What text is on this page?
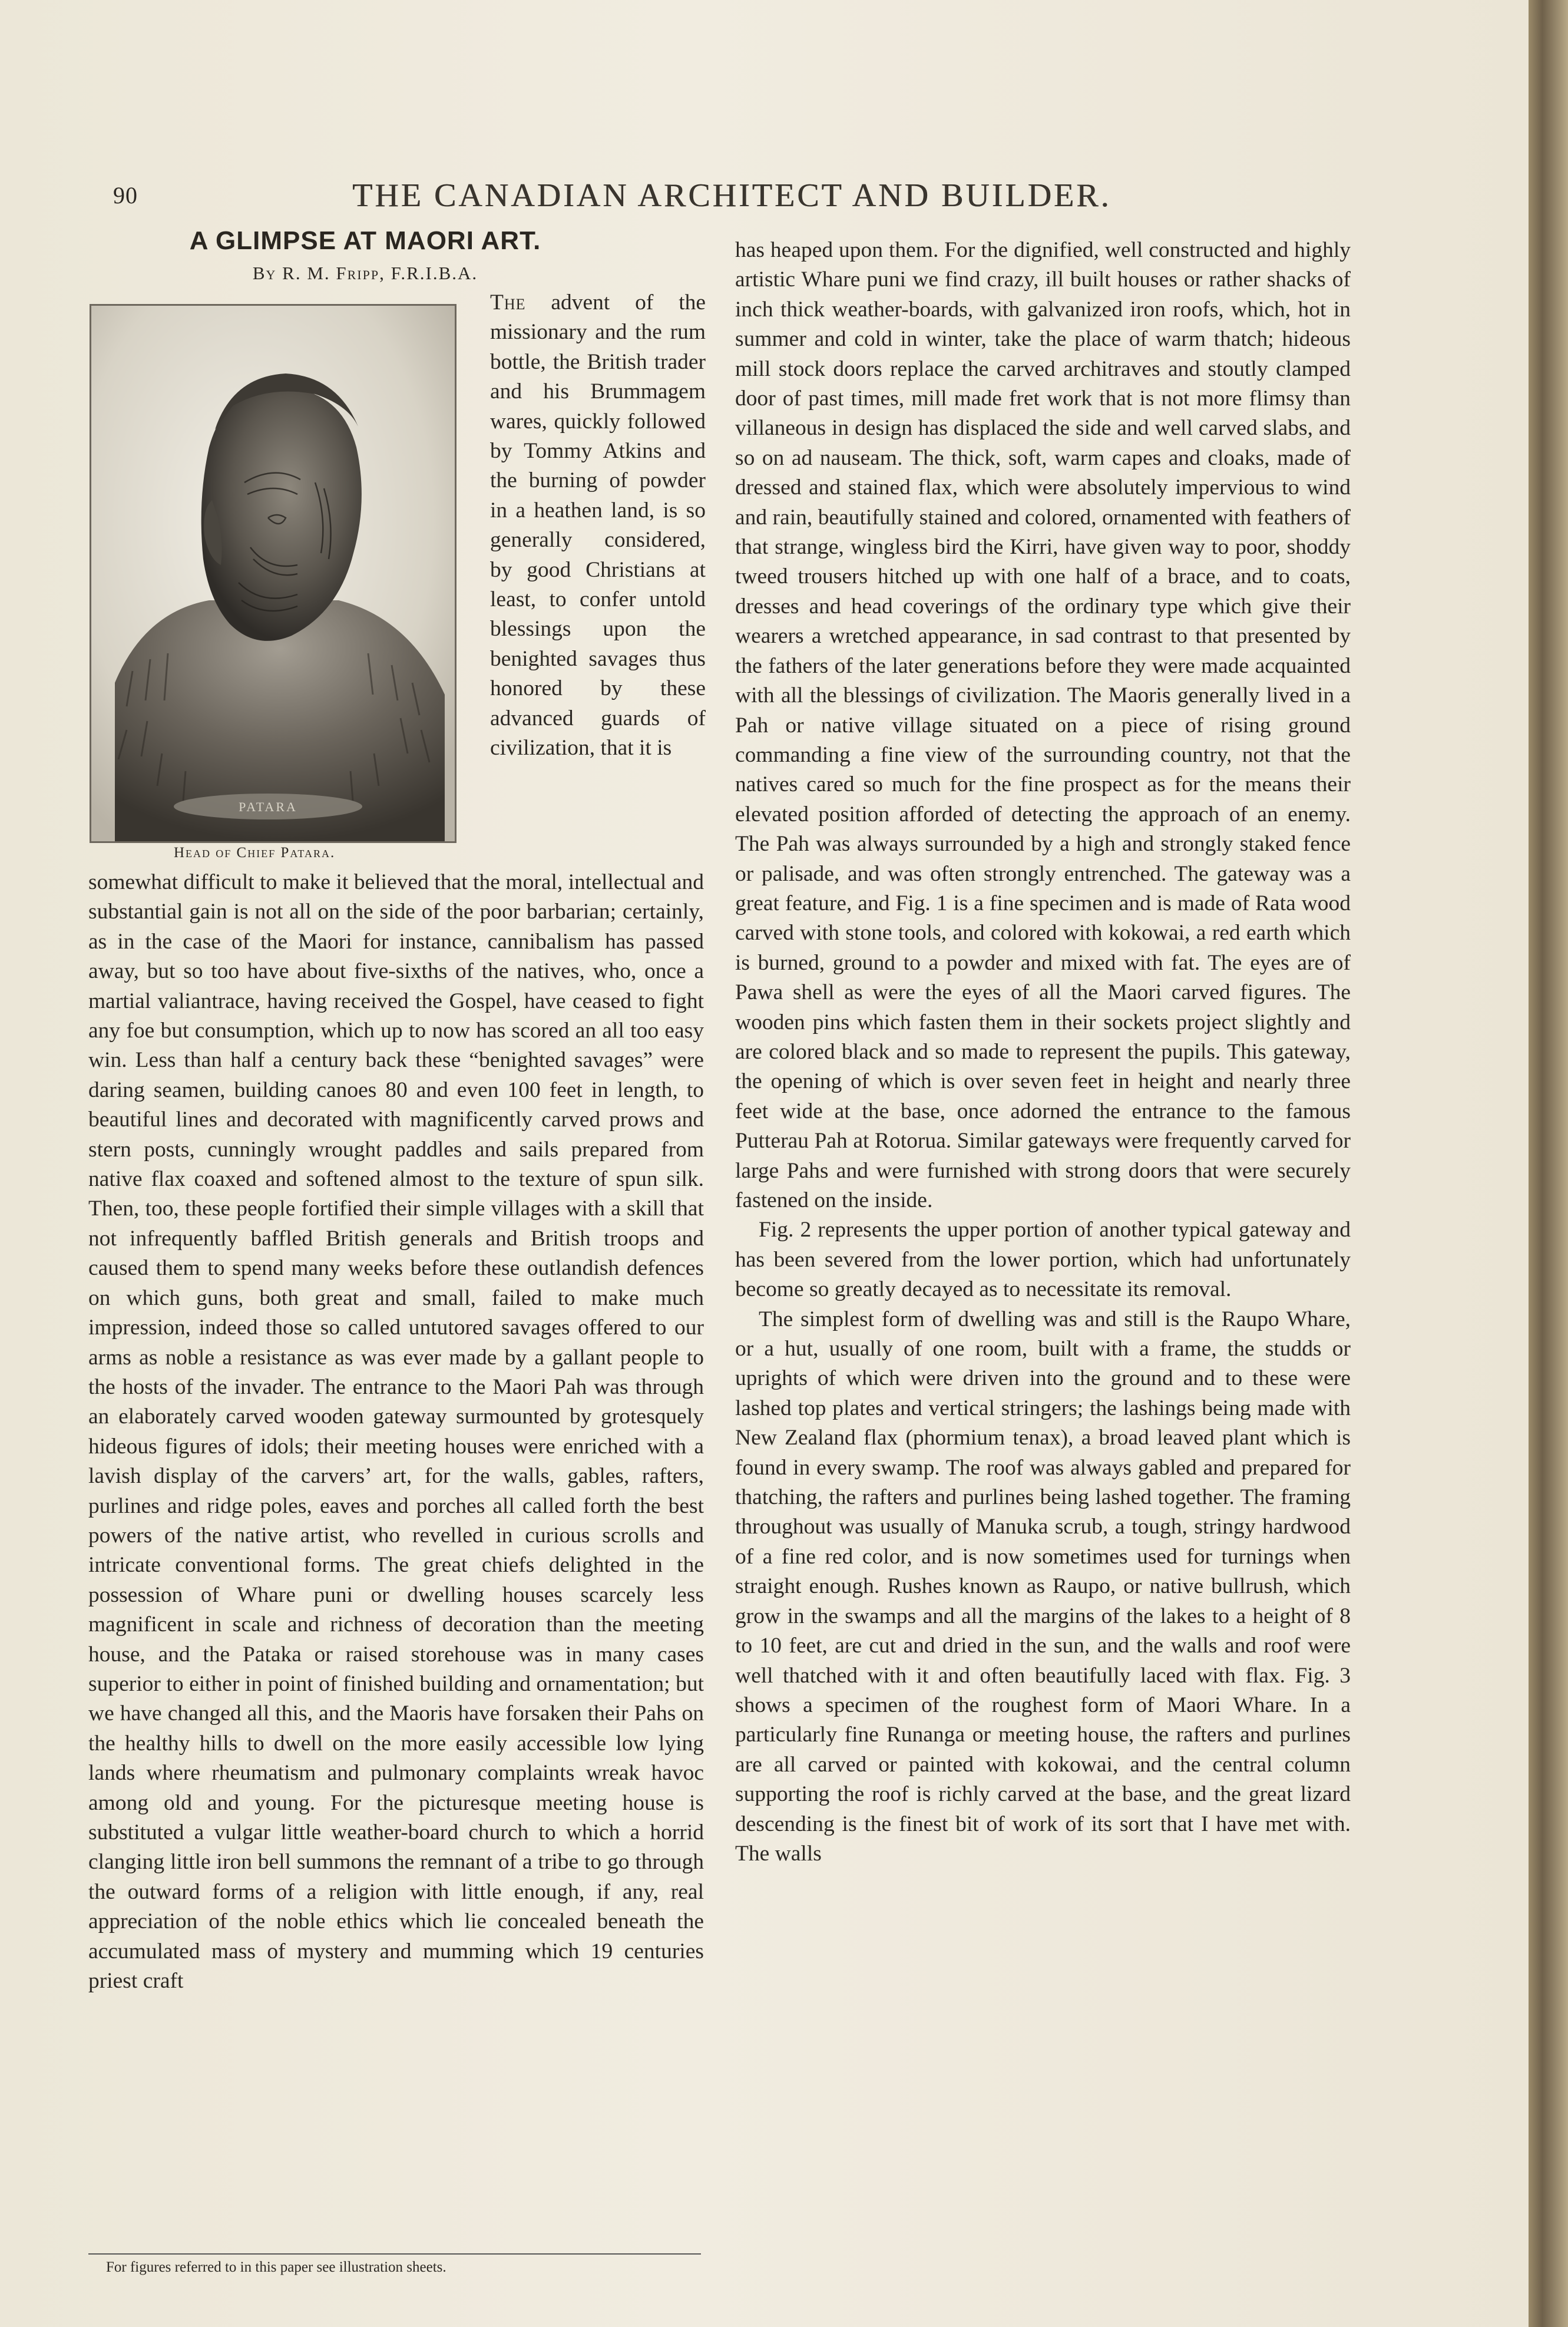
90	THE CANADIAN ARCHITECT AND BUILDER.
A GLIMPSE AT MAORI ART.
By R. M. Fripp, F.R.I.B.A.
PATARA
Head of Chief Patara.
The advent of the missionary and the rum bottle, the British trader and his Brummagem wares, quickly followed by Tommy Atkins and the burning of powder in a heathen land, is so generally considered, by good Christians at least, to confer untold blessings upon the benighted savages thus honored by these advanced guards of civilization, that it is

somewhat difficult to make it believed that the moral, intellectual and substantial gain is not all on the side of the poor barbarian; certainly, as in the case of the Maori for instance, cannibalism has passed away, but so too have about five-sixths of the natives, who, once a martial valiantrace, having received the Gospel, have ceased to fight any foe but consumption, which up to now has scored an all too easy win. Less than half a century back these “benighted savages” were daring seamen, building canoes 80 and even 100 feet in length, to beautiful lines and decorated with magnificently carved prows and stern posts, cunningly wrought paddles and sails prepared from native flax coaxed and softened almost to the texture of spun silk. Then, too, these people fortified their simple villages with a skill that not infrequently baffled British generals and British troops and caused them to spend many weeks before these outlandish defences on which guns, both great and small, failed to make much impression, indeed those so called untutored savages offered to our arms as noble a resistance as was ever made by a gallant people to the hosts of the invader. The entrance to the Maori Pah was through an elaborately carved wooden gateway surmounted by grotesquely hideous figures of idols; their meeting houses were enriched with a lavish display of the carvers’ art, for the walls, gables, rafters, purlines and ridge poles, eaves and porches all called forth the best powers of the native artist, who revelled in curious scrolls and intricate conventional forms. The great chiefs delighted in the possession of Whare puni or dwelling houses scarcely less magnificent in scale and richness of decoration than the meeting house, and the Pataka or raised storehouse was in many cases superior to either in point of finished building and ornamentation; but we have changed all this, and the Maoris have forsaken their Pahs on the healthy hills to dwell on the more easily accessible low lying lands where rheumatism and pulmonary complaints wreak havoc among old and young. For the picturesque meeting house is substituted a vulgar little weather-board church to which a horrid clanging little iron bell summons the remnant of a tribe to go through the outward forms of a religion with little enough, if any, real appreciation of the noble ethics which lie concealed beneath the accumulated mass of mystery and mumming which 19 centuries priest craft

has heaped upon them. For the dignified, well constructed and highly artistic Whare puni we find crazy, ill built houses or rather shacks of inch thick weather-boards, with galvanized iron roofs, which, hot in summer and cold in winter, take the place of warm thatch; hideous mill stock doors replace the carved architraves and stoutly clamped door of past times, mill made fret work that is not more flimsy than villaneous in design has displaced the side and well carved slabs, and so on ad nauseam. The thick, soft, warm capes and cloaks, made of dressed and stained flax, which were absolutely impervious to wind and rain, beautifully stained and colored, ornamented with feathers of that strange, wingless bird the Kirri, have given way to poor, shoddy tweed trousers hitched up with one half of a brace, and to coats, dresses and head coverings of the ordinary type which give their wearers a wretched appearance, in sad contrast to that presented by the fathers of the later generations before they were made acquainted with all the blessings of civilization. The Maoris generally lived in a Pah or native village situated on a piece of rising ground commanding a fine view of the surrounding country, not that the natives cared so much for the fine prospect as for the means their elevated position afforded of detecting the approach of an enemy. The Pah was always surrounded by a high and strongly staked fence or palisade, and was often strongly entrenched. The gateway was a great feature, and Fig. 1 is a fine specimen and is made of Rata wood carved with stone tools, and colored with kokowai, a red earth which is burned, ground to a powder and mixed with fat. The eyes are of Pawa shell as were the eyes of all the Maori carved figures. The wooden pins which fasten them in their sockets project slightly and are colored black and so made to represent the pupils. This gateway, the opening of which is over seven feet in height and nearly three feet wide at the base, once adorned the entrance to the famous Putterau Pah at Rotorua. Similar gateways were frequently carved for large Pahs and were furnished with strong doors that were securely fastened on the inside.

Fig. 2 represents the upper portion of another typical gateway and has been severed from the lower portion, which had unfortunately become so greatly decayed as to necessitate its removal.

The simplest form of dwelling was and still is the Raupo Whare, or a hut, usually of one room, built with a frame, the studds or uprights of which were driven into the ground and to these were lashed top plates and vertical stringers; the lashings being made with New Zealand flax (phormium tenax), a broad leaved plant which is found in every swamp. The roof was always gabled and prepared for thatching, the rafters and purlines being lashed together. The framing throughout was usually of Manuka scrub, a tough, stringy hardwood of a fine red color, and is now sometimes used for turnings when straight enough. Rushes known as Raupo, or native bullrush, which grow in the swamps and all the margins of the lakes to a height of 8 to 10 feet, are cut and dried in the sun, and the walls and roof were well thatched with it and often beautifully laced with flax. Fig. 3 shows a specimen of the roughest form of Maori Whare. In a particularly fine Runanga or meeting house, the rafters and purlines are all carved or painted with kokowai, and the central column supporting the roof is richly carved at the base, and the great lizard descending is the finest bit of work of its sort that I have met with. The walls

For figures referred to in this paper see illustration sheets.
